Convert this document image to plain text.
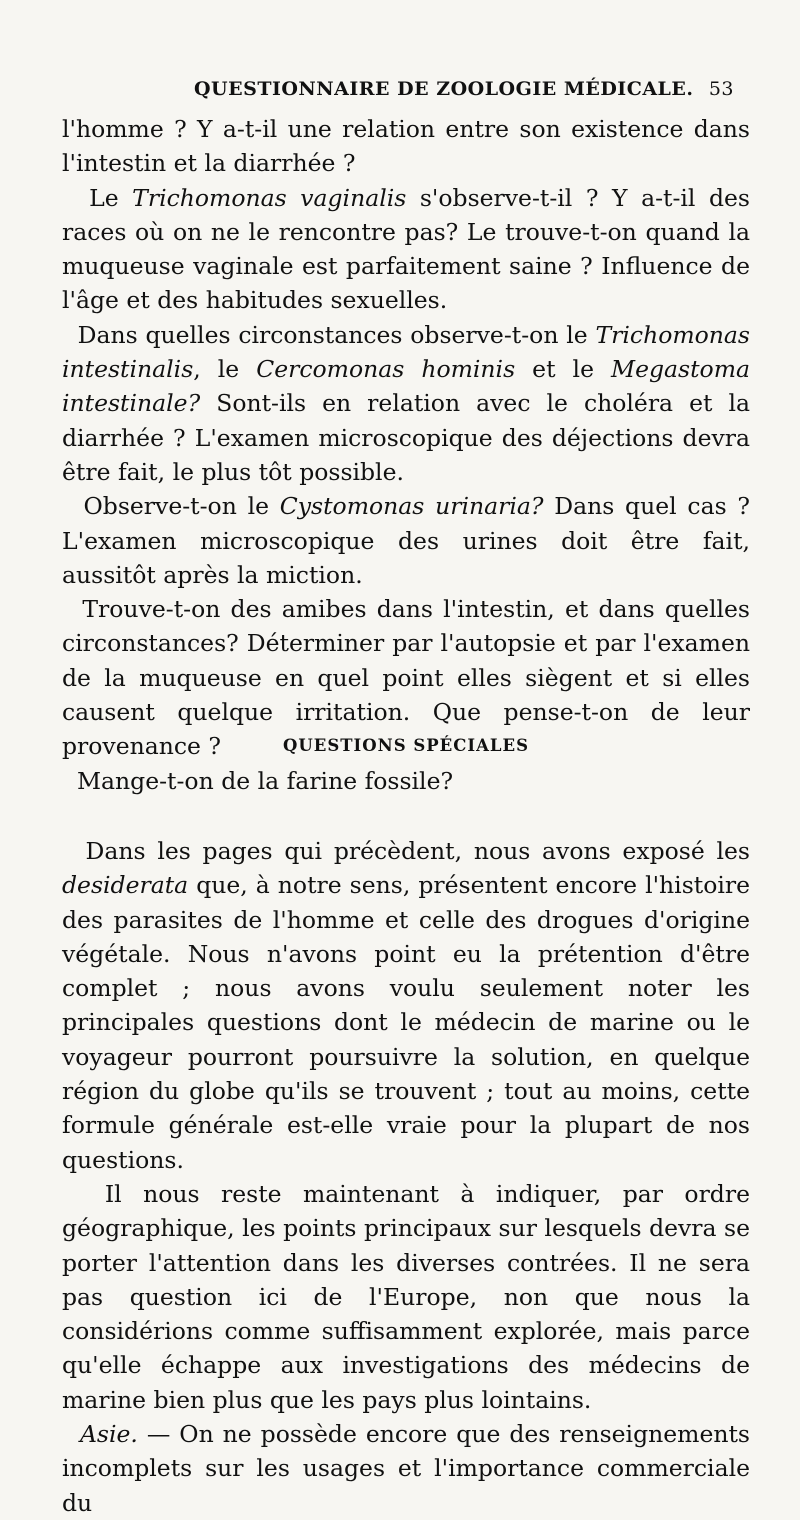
QUESTIONNAIRE DE ZOOLOGIE MÉDICALE. 53

l'homme ? Y a-t-il une relation entre son existence dans l'intestin et la diarrhée ?

Le Trichomonas vaginalis s'observe-t-il ? Y a-t-il des races où on ne le rencontre pas? Le trouve-t-on quand la muqueuse vaginale est parfaitement saine ? Influence de l'âge et des habitudes sexuelles.

Dans quelles circonstances observe-t-on le Trichomonas intestinalis, le Cercomonas hominis et le Megastoma intestinale? Sont-ils en relation avec le choléra et la diarrhée ? L'examen microscopique des déjections devra être fait, le plus tôt possible.

Observe-t-on le Cystomonas urinaria? Dans quel cas ? L'examen microscopique des urines doit être fait, aussitôt après la miction.

Trouve-t-on des amibes dans l'intestin, et dans quelles circonstances? Déterminer par l'autopsie et par l'examen de la muqueuse en quel point elles siègent et si elles causent quelque irritation. Que pense-t-on de leur provenance ?

Mange-t-on de la farine fossile?

QUESTIONS SPÉCIALES

Dans les pages qui précèdent, nous avons exposé les desiderata que, à notre sens, présentent encore l'histoire des parasites de l'homme et celle des drogues d'origine végétale. Nous n'avons point eu la prétention d'être complet ; nous avons voulu seulement noter les principales questions dont le médecin de marine ou le voyageur pourront poursuivre la solution, en quelque région du globe qu'ils se trouvent ; tout au moins, cette formule générale est-elle vraie pour la plupart de nos questions.

Il nous reste maintenant à indiquer, par ordre géographique, les points principaux sur lesquels devra se porter l'attention dans les diverses contrées. Il ne sera pas question ici de l'Europe, non que nous la considérions comme suffisamment explorée, mais parce qu'elle échappe aux investigations des médecins de marine bien plus que les pays plus lointains.

Asie. — On ne possède encore que des renseignements incomplets sur les usages et l'importance commerciale du
